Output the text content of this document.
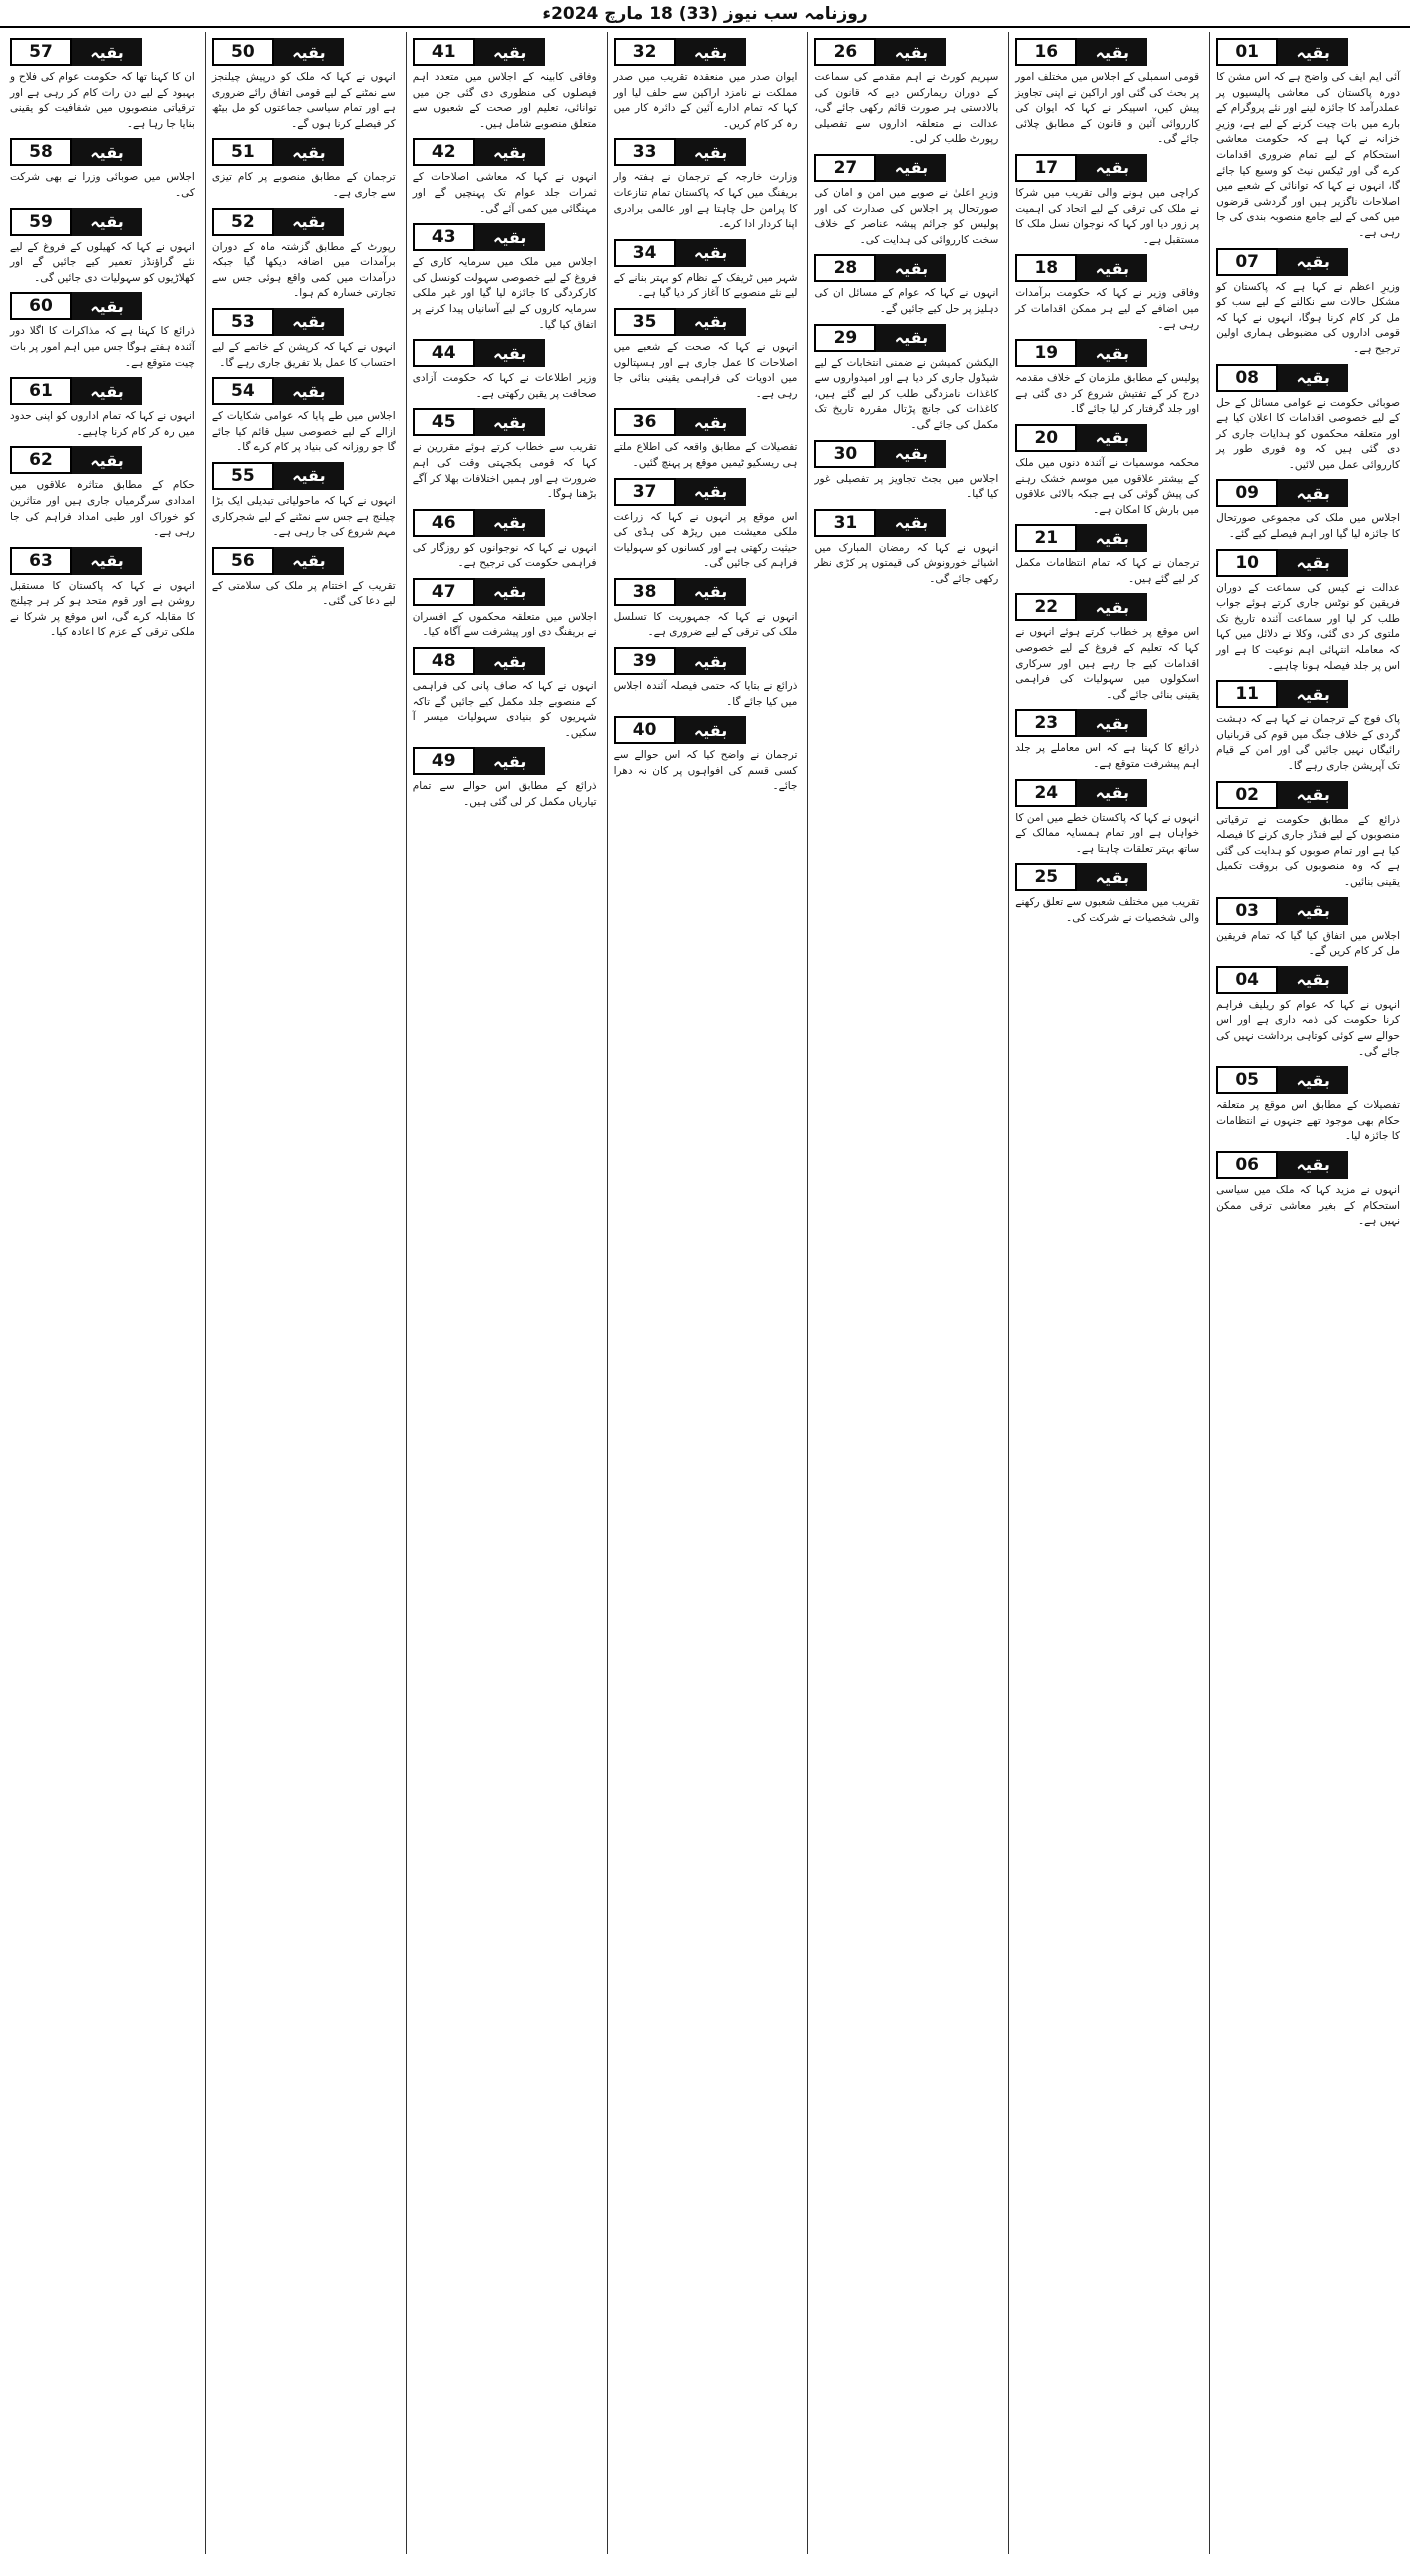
روزنامہ سب نیوز (33) 18 مارچ 2024ء
01	بقیہ
آئی ایم ایف کی واضح ہے کہ اس مشن کا دورہ پاکستان کی معاشی پالیسیوں پر عملدرآمد کا جائزہ لینے اور نئے پروگرام کے بارے میں بات چیت کرنے کے لیے ہے، وزیرِ خزانہ نے کہا ہے کہ حکومت معاشی استحکام کے لیے تمام ضروری اقدامات کرے گی اور ٹیکس نیٹ کو وسیع کیا جائے گا، انہوں نے کہا کہ توانائی کے شعبے میں اصلاحات ناگزیر ہیں اور گردشی قرضوں میں کمی کے لیے جامع منصوبہ بندی کی جا رہی ہے۔
07	بقیہ
وزیرِ اعظم نے کہا ہے کہ پاکستان کو مشکل حالات سے نکالنے کے لیے سب کو مل کر کام کرنا ہوگا، انہوں نے کہا کہ قومی اداروں کی مضبوطی ہماری اولین ترجیح ہے۔
08	بقیہ
صوبائی حکومت نے عوامی مسائل کے حل کے لیے خصوصی اقدامات کا اعلان کیا ہے اور متعلقہ محکموں کو ہدایات جاری کر دی گئی ہیں کہ وہ فوری طور پر کارروائی عمل میں لائیں۔
09	بقیہ
اجلاس میں ملک کی مجموعی صورتحال کا جائزہ لیا گیا اور اہم فیصلے کیے گئے۔
10	بقیہ
عدالت نے کیس کی سماعت کے دوران فریقین کو نوٹس جاری کرتے ہوئے جواب طلب کر لیا اور سماعت آئندہ تاریخ تک ملتوی کر دی گئی، وکلا نے دلائل میں کہا کہ معاملہ انتہائی اہم نوعیت کا ہے اور اس پر جلد فیصلہ ہونا چاہیے۔
11	بقیہ
پاک فوج کے ترجمان نے کہا ہے کہ دہشت گردی کے خلاف جنگ میں قوم کی قربانیاں رائیگاں نہیں جائیں گی اور امن کے قیام تک آپریشن جاری رہے گا۔
02	بقیہ
ذرائع کے مطابق حکومت نے ترقیاتی منصوبوں کے لیے فنڈز جاری کرنے کا فیصلہ کیا ہے اور تمام صوبوں کو ہدایت کی گئی ہے کہ وہ منصوبوں کی بروقت تکمیل یقینی بنائیں۔
03	بقیہ
اجلاس میں اتفاق کیا گیا کہ تمام فریقین مل کر کام کریں گے۔
04	بقیہ
انہوں نے کہا کہ عوام کو ریلیف فراہم کرنا حکومت کی ذمہ داری ہے اور اس حوالے سے کوئی کوتاہی برداشت نہیں کی جائے گی۔
05	بقیہ
تفصیلات کے مطابق اس موقع پر متعلقہ حکام بھی موجود تھے جنہوں نے انتظامات کا جائزہ لیا۔
06	بقیہ
انہوں نے مزید کہا کہ ملک میں سیاسی استحکام کے بغیر معاشی ترقی ممکن نہیں ہے۔
16	بقیہ
قومی اسمبلی کے اجلاس میں مختلف امور پر بحث کی گئی اور اراکین نے اپنی تجاویز پیش کیں، اسپیکر نے کہا کہ ایوان کی کارروائی آئین و قانون کے مطابق چلائی جائے گی۔
17	بقیہ
کراچی میں ہونے والی تقریب میں شرکا نے ملک کی ترقی کے لیے اتحاد کی اہمیت پر زور دیا اور کہا کہ نوجوان نسل ملک کا مستقبل ہے۔
18	بقیہ
وفاقی وزیر نے کہا کہ حکومت برآمدات میں اضافے کے لیے ہر ممکن اقدامات کر رہی ہے۔
19	بقیہ
پولیس کے مطابق ملزمان کے خلاف مقدمہ درج کر کے تفتیش شروع کر دی گئی ہے اور جلد گرفتار کر لیا جائے گا۔
20	بقیہ
محکمہ موسمیات نے آئندہ دنوں میں ملک کے بیشتر علاقوں میں موسم خشک رہنے کی پیش گوئی کی ہے جبکہ بالائی علاقوں میں بارش کا امکان ہے۔
21	بقیہ
ترجمان نے کہا کہ تمام انتظامات مکمل کر لیے گئے ہیں۔
22	بقیہ
اس موقع پر خطاب کرتے ہوئے انہوں نے کہا کہ تعلیم کے فروغ کے لیے خصوصی اقدامات کیے جا رہے ہیں اور سرکاری اسکولوں میں سہولیات کی فراہمی یقینی بنائی جائے گی۔
23	بقیہ
ذرائع کا کہنا ہے کہ اس معاملے پر جلد اہم پیشرفت متوقع ہے۔
24	بقیہ
انہوں نے کہا کہ پاکستان خطے میں امن کا خواہاں ہے اور تمام ہمسایہ ممالک کے ساتھ بہتر تعلقات چاہتا ہے۔
25	بقیہ
تقریب میں مختلف شعبوں سے تعلق رکھنے والی شخصیات نے شرکت کی۔
26	بقیہ
سپریم کورٹ نے اہم مقدمے کی سماعت کے دوران ریمارکس دیے کہ قانون کی بالادستی ہر صورت قائم رکھی جائے گی، عدالت نے متعلقہ اداروں سے تفصیلی رپورٹ طلب کر لی۔
27	بقیہ
وزیرِ اعلیٰ نے صوبے میں امن و امان کی صورتحال پر اجلاس کی صدارت کی اور پولیس کو جرائم پیشہ عناصر کے خلاف سخت کارروائی کی ہدایت کی۔
28	بقیہ
انہوں نے کہا کہ عوام کے مسائل ان کی دہلیز پر حل کیے جائیں گے۔
29	بقیہ
الیکشن کمیشن نے ضمنی انتخابات کے لیے شیڈول جاری کر دیا ہے اور امیدواروں سے کاغذات نامزدگی طلب کر لیے گئے ہیں، کاغذات کی جانچ پڑتال مقررہ تاریخ تک مکمل کی جائے گی۔
30	بقیہ
اجلاس میں بجٹ تجاویز پر تفصیلی غور کیا گیا۔
31	بقیہ
انہوں نے کہا کہ رمضان المبارک میں اشیائے خورونوش کی قیمتوں پر کڑی نظر رکھی جائے گی۔
32	بقیہ
ایوان صدر میں منعقدہ تقریب میں صدر مملکت نے نامزد اراکین سے حلف لیا اور کہا کہ تمام ادارے آئین کے دائرہ کار میں رہ کر کام کریں۔
33	بقیہ
وزارت خارجہ کے ترجمان نے ہفتہ وار بریفنگ میں کہا کہ پاکستان تمام تنازعات کا پرامن حل چاہتا ہے اور عالمی برادری اپنا کردار ادا کرے۔
34	بقیہ
شہر میں ٹریفک کے نظام کو بہتر بنانے کے لیے نئے منصوبے کا آغاز کر دیا گیا ہے۔
35	بقیہ
انہوں نے کہا کہ صحت کے شعبے میں اصلاحات کا عمل جاری ہے اور ہسپتالوں میں ادویات کی فراہمی یقینی بنائی جا رہی ہے۔
36	بقیہ
تفصیلات کے مطابق واقعہ کی اطلاع ملتے ہی ریسکیو ٹیمیں موقع پر پہنچ گئیں۔
37	بقیہ
اس موقع پر انہوں نے کہا کہ زراعت ملکی معیشت میں ریڑھ کی ہڈی کی حیثیت رکھتی ہے اور کسانوں کو سہولیات فراہم کی جائیں گی۔
38	بقیہ
انہوں نے کہا کہ جمہوریت کا تسلسل ملک کی ترقی کے لیے ضروری ہے۔
39	بقیہ
ذرائع نے بتایا کہ حتمی فیصلہ آئندہ اجلاس میں کیا جائے گا۔
40	بقیہ
ترجمان نے واضح کیا کہ اس حوالے سے کسی قسم کی افواہوں پر کان نہ دھرا جائے۔
41	بقیہ
وفاقی کابینہ کے اجلاس میں متعدد اہم فیصلوں کی منظوری دی گئی جن میں توانائی، تعلیم اور صحت کے شعبوں سے متعلق منصوبے شامل ہیں۔
42	بقیہ
انہوں نے کہا کہ معاشی اصلاحات کے ثمرات جلد عوام تک پہنچیں گے اور مہنگائی میں کمی آئے گی۔
43	بقیہ
اجلاس میں ملک میں سرمایہ کاری کے فروغ کے لیے خصوصی سہولت کونسل کی کارکردگی کا جائزہ لیا گیا اور غیر ملکی سرمایہ کاروں کے لیے آسانیاں پیدا کرنے پر اتفاق کیا گیا۔
44	بقیہ
وزیر اطلاعات نے کہا کہ حکومت آزادی صحافت پر یقین رکھتی ہے۔
45	بقیہ
تقریب سے خطاب کرتے ہوئے مقررین نے کہا کہ قومی یکجہتی وقت کی اہم ضرورت ہے اور ہمیں اختلافات بھلا کر آگے بڑھنا ہوگا۔
46	بقیہ
انہوں نے کہا کہ نوجوانوں کو روزگار کی فراہمی حکومت کی ترجیح ہے۔
47	بقیہ
اجلاس میں متعلقہ محکموں کے افسران نے بریفنگ دی اور پیشرفت سے آگاہ کیا۔
48	بقیہ
انہوں نے کہا کہ صاف پانی کی فراہمی کے منصوبے جلد مکمل کیے جائیں گے تاکہ شہریوں کو بنیادی سہولیات میسر آ سکیں۔
49	بقیہ
ذرائع کے مطابق اس حوالے سے تمام تیاریاں مکمل کر لی گئی ہیں۔
50	بقیہ
انہوں نے کہا کہ ملک کو درپیش چیلنجز سے نمٹنے کے لیے قومی اتفاق رائے ضروری ہے اور تمام سیاسی جماعتوں کو مل بیٹھ کر فیصلے کرنا ہوں گے۔
51	بقیہ
ترجمان کے مطابق منصوبے پر کام تیزی سے جاری ہے۔
52	بقیہ
رپورٹ کے مطابق گزشتہ ماہ کے دوران برآمدات میں اضافہ دیکھا گیا جبکہ درآمدات میں کمی واقع ہوئی جس سے تجارتی خسارہ کم ہوا۔
53	بقیہ
انہوں نے کہا کہ کرپشن کے خاتمے کے لیے احتساب کا عمل بلا تفریق جاری رہے گا۔
54	بقیہ
اجلاس میں طے پایا کہ عوامی شکایات کے ازالے کے لیے خصوصی سیل قائم کیا جائے گا جو روزانہ کی بنیاد پر کام کرے گا۔
55	بقیہ
انہوں نے کہا کہ ماحولیاتی تبدیلی ایک بڑا چیلنج ہے جس سے نمٹنے کے لیے شجرکاری مہم شروع کی جا رہی ہے۔
56	بقیہ
تقریب کے اختتام پر ملک کی سلامتی کے لیے دعا کی گئی۔
57	بقیہ
ان کا کہنا تھا کہ حکومت عوام کی فلاح و بہبود کے لیے دن رات کام کر رہی ہے اور ترقیاتی منصوبوں میں شفافیت کو یقینی بنایا جا رہا ہے۔
58	بقیہ
اجلاس میں صوبائی وزرا نے بھی شرکت کی۔
59	بقیہ
انہوں نے کہا کہ کھیلوں کے فروغ کے لیے نئے گراؤنڈز تعمیر کیے جائیں گے اور کھلاڑیوں کو سہولیات دی جائیں گی۔
60	بقیہ
ذرائع کا کہنا ہے کہ مذاکرات کا اگلا دور آئندہ ہفتے ہوگا جس میں اہم امور پر بات چیت متوقع ہے۔
61	بقیہ
انہوں نے کہا کہ تمام اداروں کو اپنی حدود میں رہ کر کام کرنا چاہیے۔
62	بقیہ
حکام کے مطابق متاثرہ علاقوں میں امدادی سرگرمیاں جاری ہیں اور متاثرین کو خوراک اور طبی امداد فراہم کی جا رہی ہے۔
63	بقیہ
انہوں نے کہا کہ پاکستان کا مستقبل روشن ہے اور قوم متحد ہو کر ہر چیلنج کا مقابلہ کرے گی، اس موقع پر شرکا نے ملکی ترقی کے عزم کا اعادہ کیا۔
